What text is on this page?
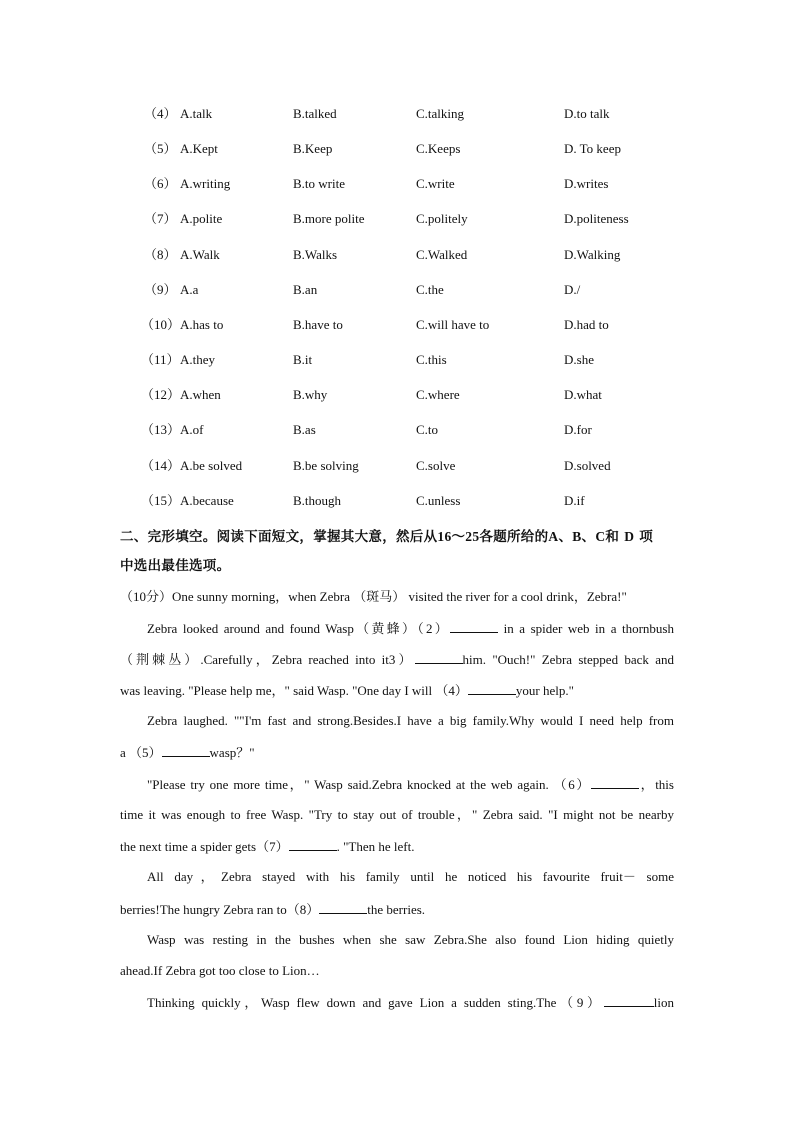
（4） A.talk	B.talked	C.talking	D.to talk
（5） A.Kept	B.Keep	C.Keeps	D. To keep
（6） A.writing	B.to write	C.write	D.writes
（7） A.polite	B.more polite	C.politely	D.politeness
（8） A.Walk	B.Walks	C.Walked	D.Walking
（9） A.a	B.an	C.the	D./
（10） A.has to	B.have to	C.will have to	D.had to
（11） A.they	B.it	C.this	D.she
（12） A.when	B.why	C.where	D.what
（13） A.of	B.as	C.to	D.for
（14） A.be solved	B.be solving	C.solve	D.solved
（15） A.because	B.though	C.unless	D.if
二、完形填空。阅读下面短文，掌握其大意，然后从16～25各题所给的A、B、C和 D 项
中选出最佳选项。
（10分）One sunny morning，when Zebra （斑马） visited the river for a cool drink，Zebra!"
Zebra looked around and found Wasp（黄蜂）（2）	in a spider web in a thornbush
（荆棘丛）.Carefully，Zebra reached into it3）	him. "Ouch!" Zebra stepped back and
was leaving. "Please help me，" said Wasp. "One day I will （4）	your help."
Zebra laughed. ""I'm fast and strong.Besides.I have a big family.Why would I need help from
a （5）	wasp？"
"Please try one more time，" Wasp said.Zebra knocked at the web again. （6）	，this
time it was enough to free Wasp. "Try to stay out of trouble，" Zebra said. "I might not be nearby
the next time a spider gets（7）	. "Then he left.
All day，Zebra stayed with his family until he noticed his favourite fruit－ some
berries!The hungry Zebra ran to（8）	the berries.
Wasp was resting in the bushes when she saw Zebra.She also found Lion hiding quietly
ahead.If Zebra got too close to Lion…
Thinking quickly，Wasp flew down and gave Lion a sudden sting.The（9）	lion
